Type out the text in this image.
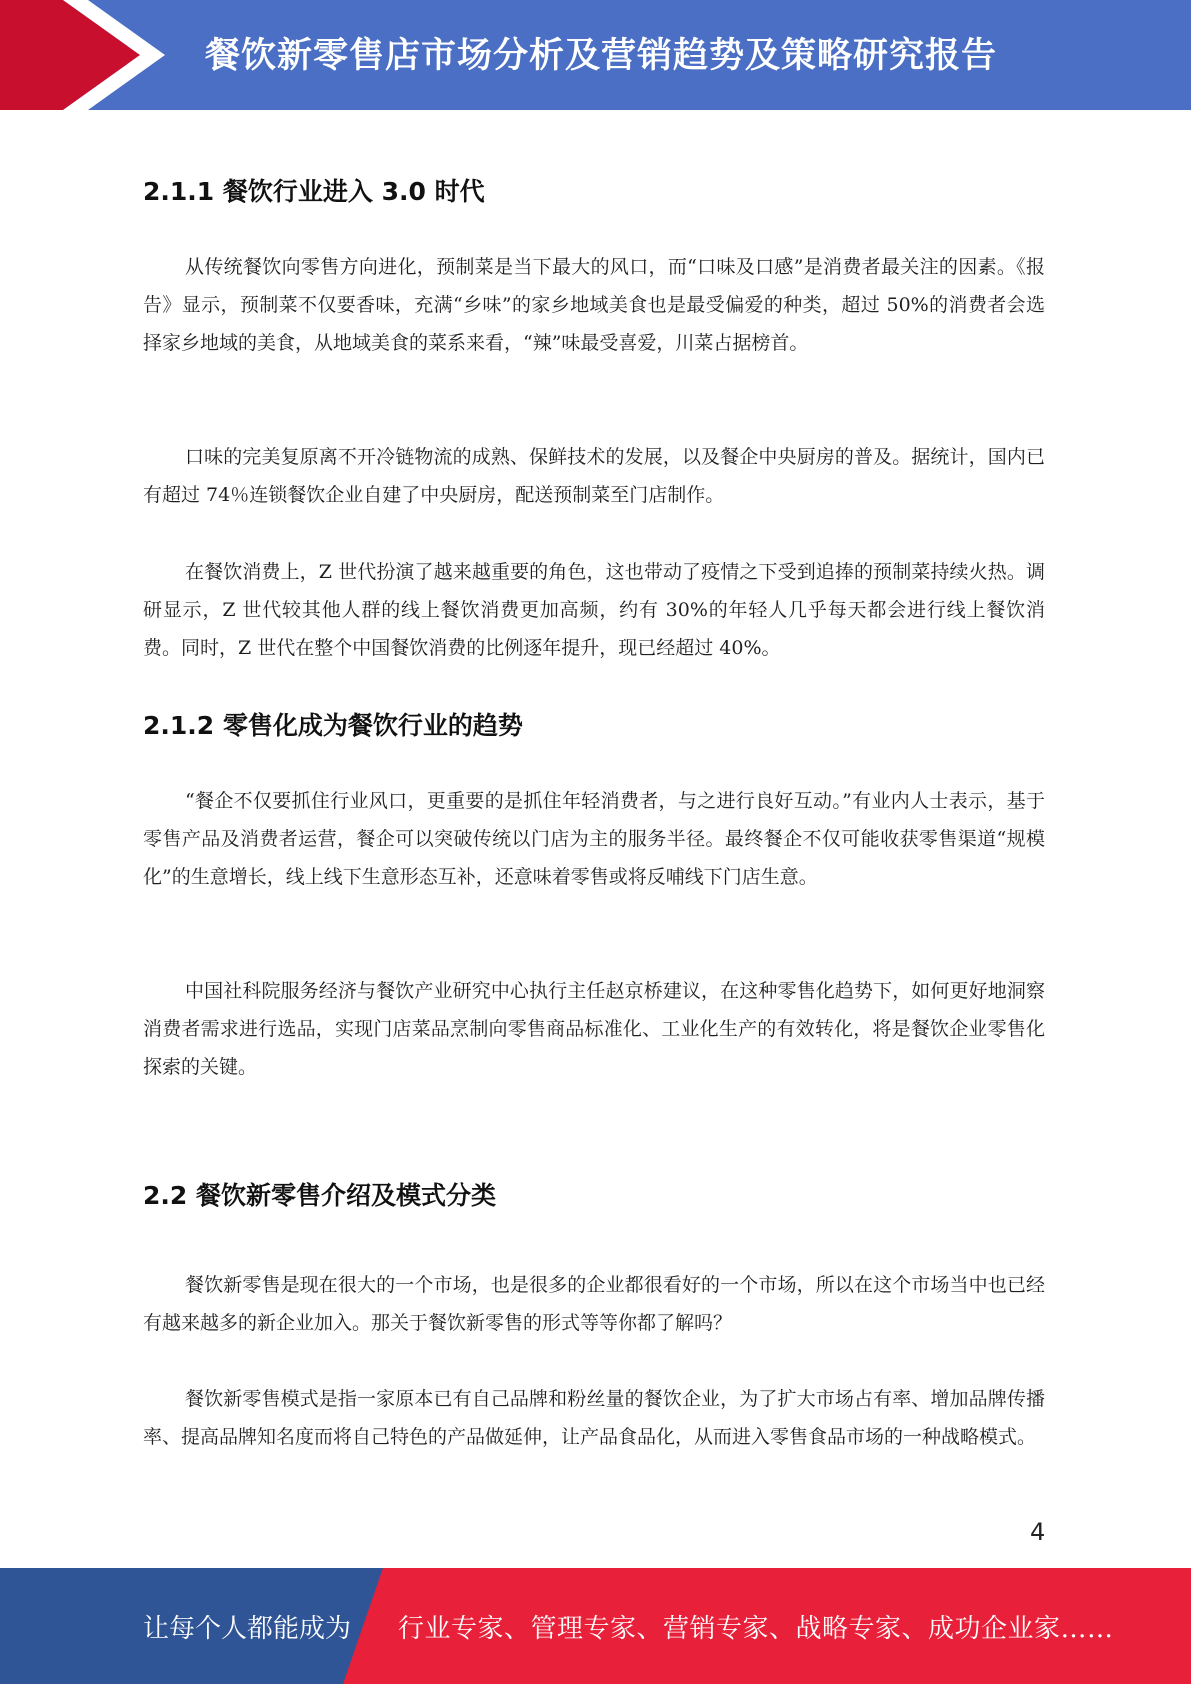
餐饮新零售店市场分析及营销趋势及策略研究报告
2.1.1 餐饮行业进入 3.0 时代

从传统餐饮向零售方向进化，预制菜是当下最大的风口，而“口味及口感”是消费者最关注的因素。《报告》显示，预制菜不仅要香味，充满“乡味”的家乡地域美食也是最受偏爱的种类，超过 50%的消费者会选择家乡地域的美食，从地域美食的菜系来看，“辣”味最受喜爱，川菜占据榜首。

口味的完美复原离不开冷链物流的成熟、保鲜技术的发展，以及餐企中央厨房的普及。据统计，国内已有超过 74％连锁餐饮企业自建了中央厨房，配送预制菜至门店制作。

在餐饮消费上，Z 世代扮演了越来越重要的角色，这也带动了疫情之下受到追捧的预制菜持续火热。调研显示，Z 世代较其他人群的线上餐饮消费更加高频，约有 30%的年轻人几乎每天都会进行线上餐饮消费。同时，Z 世代在整个中国餐饮消费的比例逐年提升，现已经超过 40%。

2.1.2 零售化成为餐饮行业的趋势

“餐企不仅要抓住行业风口，更重要的是抓住年轻消费者，与之进行良好互动。”有业内人士表示，基于零售产品及消费者运营，餐企可以突破传统以门店为主的服务半径。最终餐企不仅可能收获零售渠道“规模化”的生意增长，线上线下生意形态互补，还意味着零售或将反哺线下门店生意。

中国社科院服务经济与餐饮产业研究中心执行主任赵京桥建议，在这种零售化趋势下，如何更好地洞察消费者需求进行选品，实现门店菜品烹制向零售商品标准化、工业化生产的有效转化，将是餐饮企业零售化探索的关键。

2.2 餐饮新零售介绍及模式分类

餐饮新零售是现在很大的一个市场，也是很多的企业都很看好的一个市场，所以在这个市场当中也已经有越来越多的新企业加入。那关于餐饮新零售的形式等等你都了解吗？

餐饮新零售模式是指一家原本已有自己品牌和粉丝量的餐饮企业，为了扩大市场占有率、增加品牌传播率、提高品牌知名度而将自己特色的产品做延伸，让产品食品化，从而进入零售食品市场的一种战略模式。

4
让每个人都能成为 行业专家、管理专家、营销专家、战略专家、成功企业家……
